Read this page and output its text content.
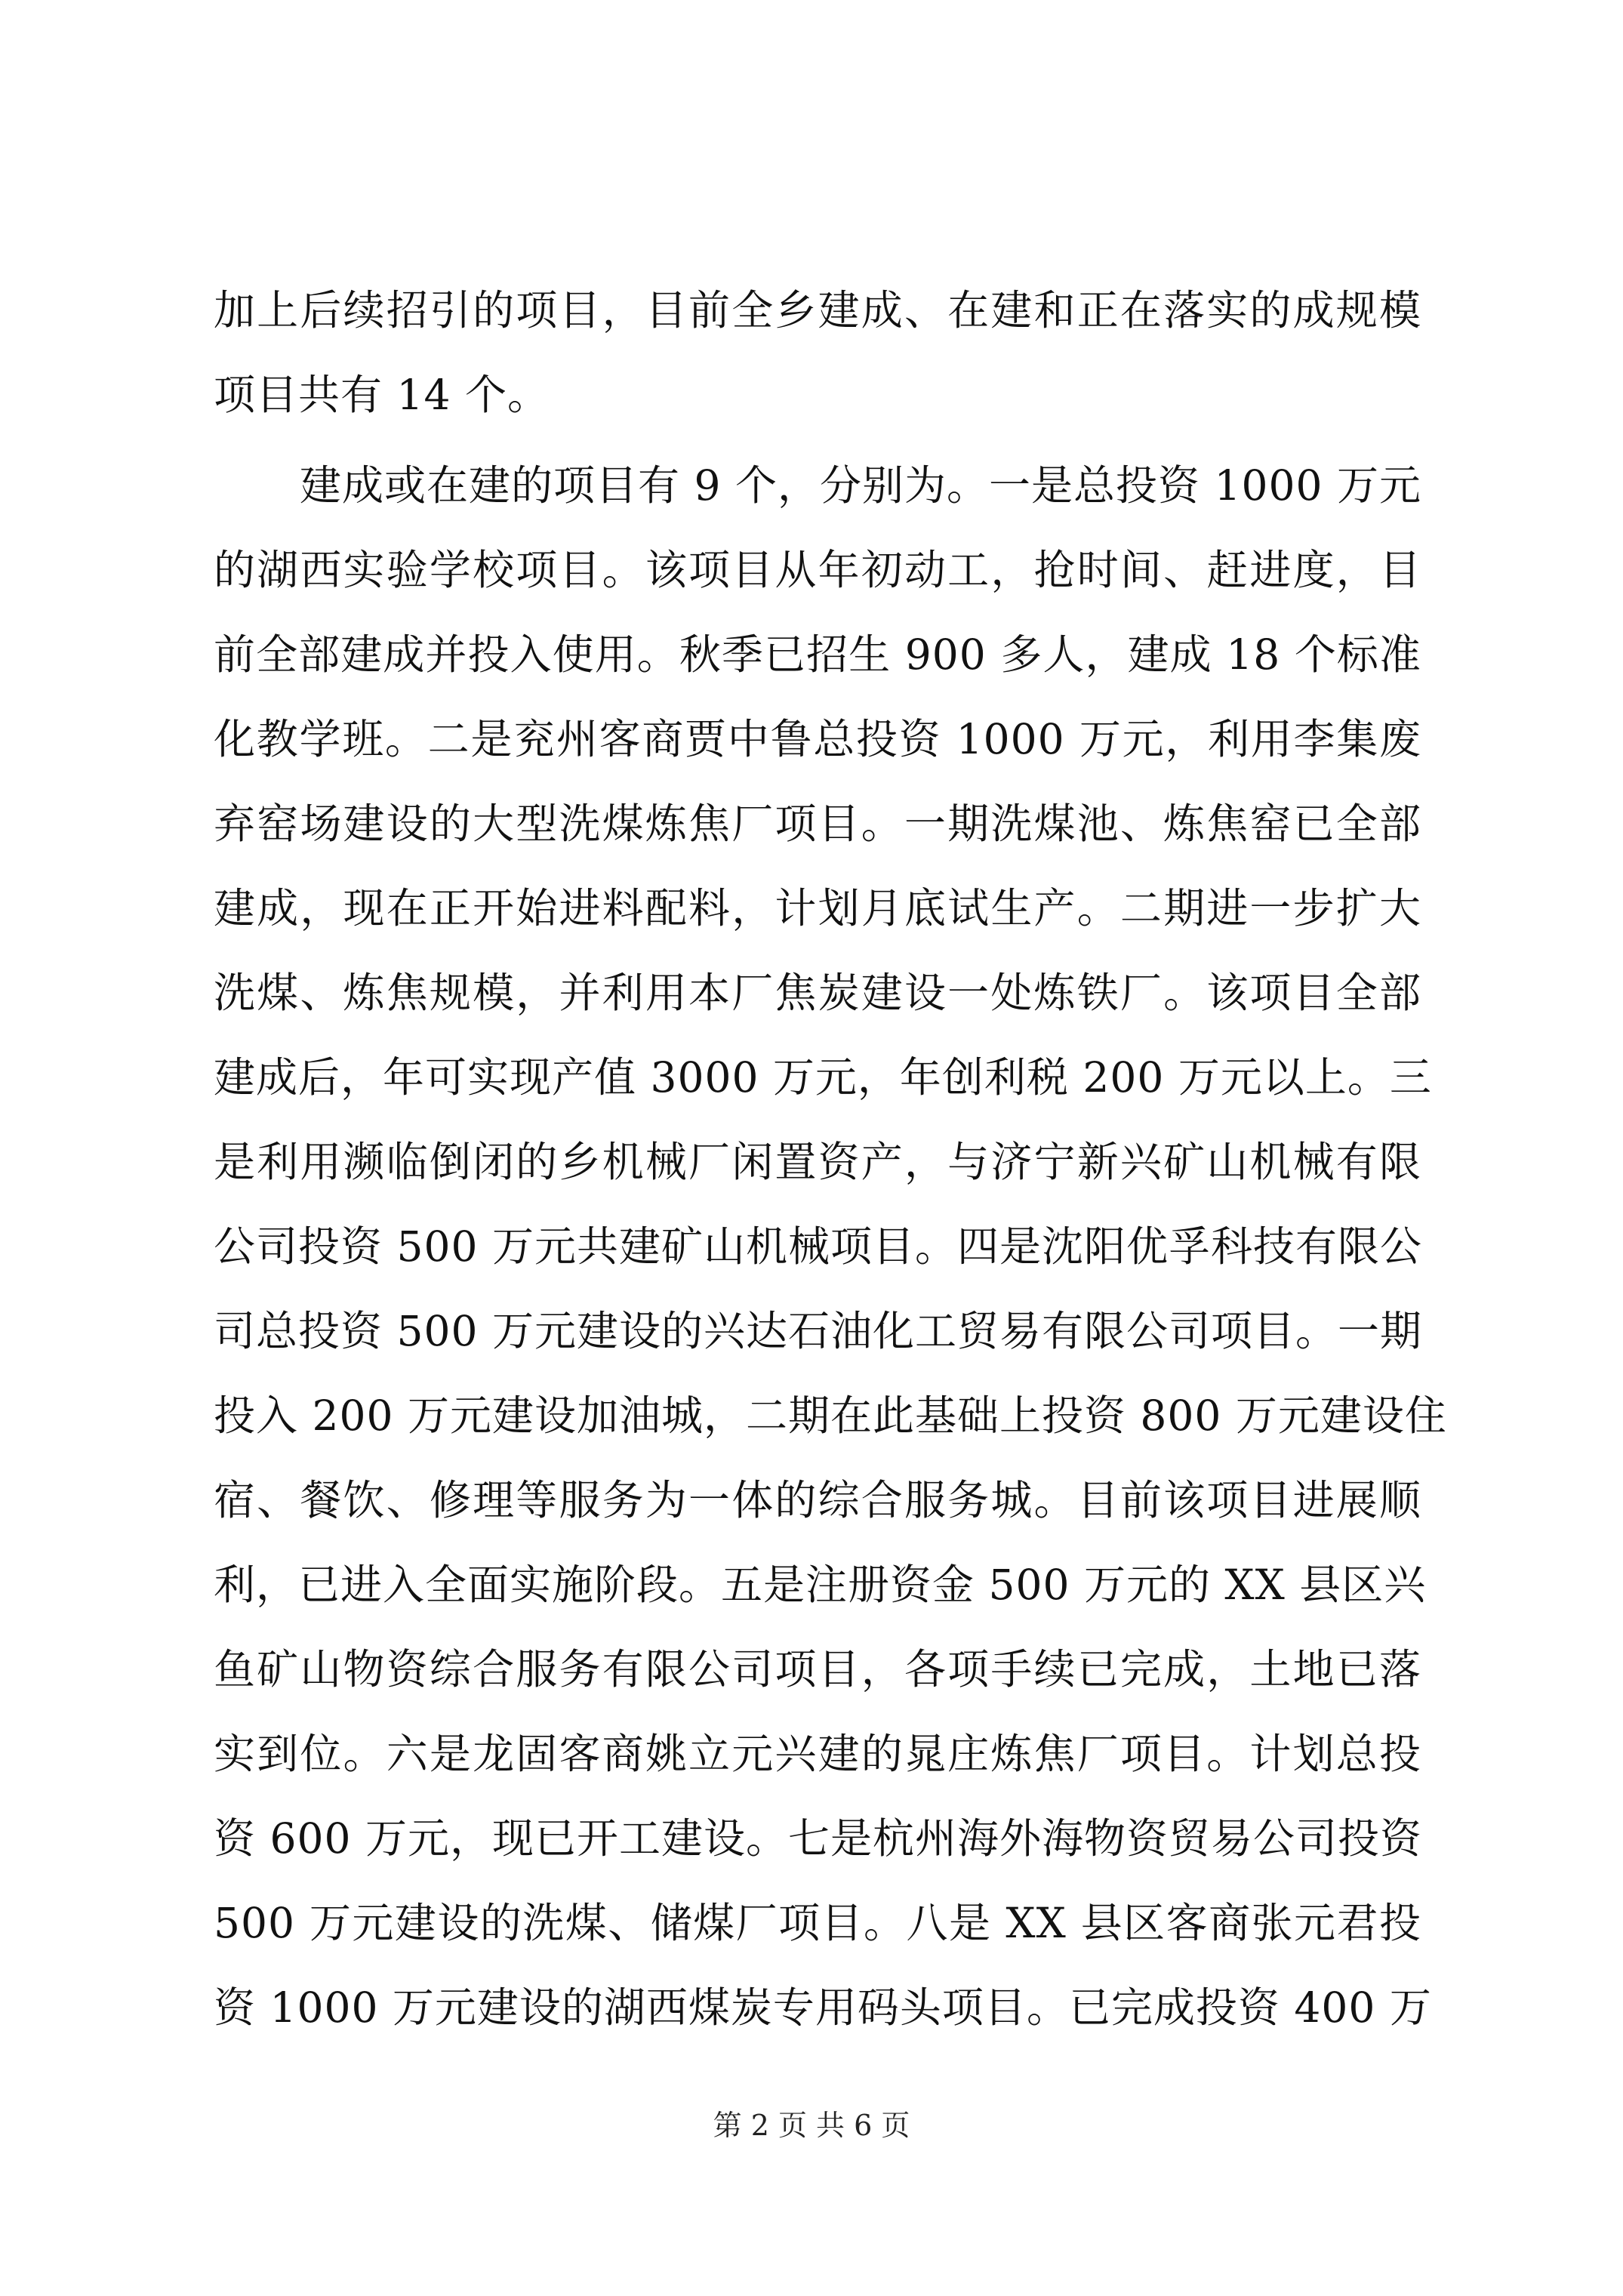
加上后续招引的项目，目前全乡建成、在建和正在落实的成规模
项目共有 14 个。
建成或在建的项目有 9 个，分别为。一是总投资 1000 万元
的湖西实验学校项目。该项目从年初动工，抢时间、赶进度，目
前全部建成并投入使用。秋季已招生 900 多人，建成 18 个标准
化教学班。二是兖州客商贾中鲁总投资 1000 万元，利用李集废
弃窑场建设的大型洗煤炼焦厂项目。一期洗煤池、炼焦窑已全部
建成，现在正开始进料配料，计划月底试生产。二期进一步扩大
洗煤、炼焦规模，并利用本厂焦炭建设一处炼铁厂。该项目全部
建成后，年可实现产值 3000 万元，年创利税 200 万元以上。三
是利用濒临倒闭的乡机械厂闲置资产，与济宁新兴矿山机械有限
公司投资 500 万元共建矿山机械项目。四是沈阳优孚科技有限公
司总投资 500 万元建设的兴达石油化工贸易有限公司项目。一期
投入 200 万元建设加油城，二期在此基础上投资 800 万元建设住
宿、餐饮、修理等服务为一体的综合服务城。目前该项目进展顺
利，已进入全面实施阶段。五是注册资金 500 万元的 XX 县区兴
鱼矿山物资综合服务有限公司项目，各项手续已完成，土地已落
实到位。六是龙固客商姚立元兴建的晁庄炼焦厂项目。计划总投
资 600 万元，现已开工建设。七是杭州海外海物资贸易公司投资
500 万元建设的洗煤、储煤厂项目。八是 XX 县区客商张元君投
资 1000 万元建设的湖西煤炭专用码头项目。已完成投资 400 万
第 2 页 共 6 页
